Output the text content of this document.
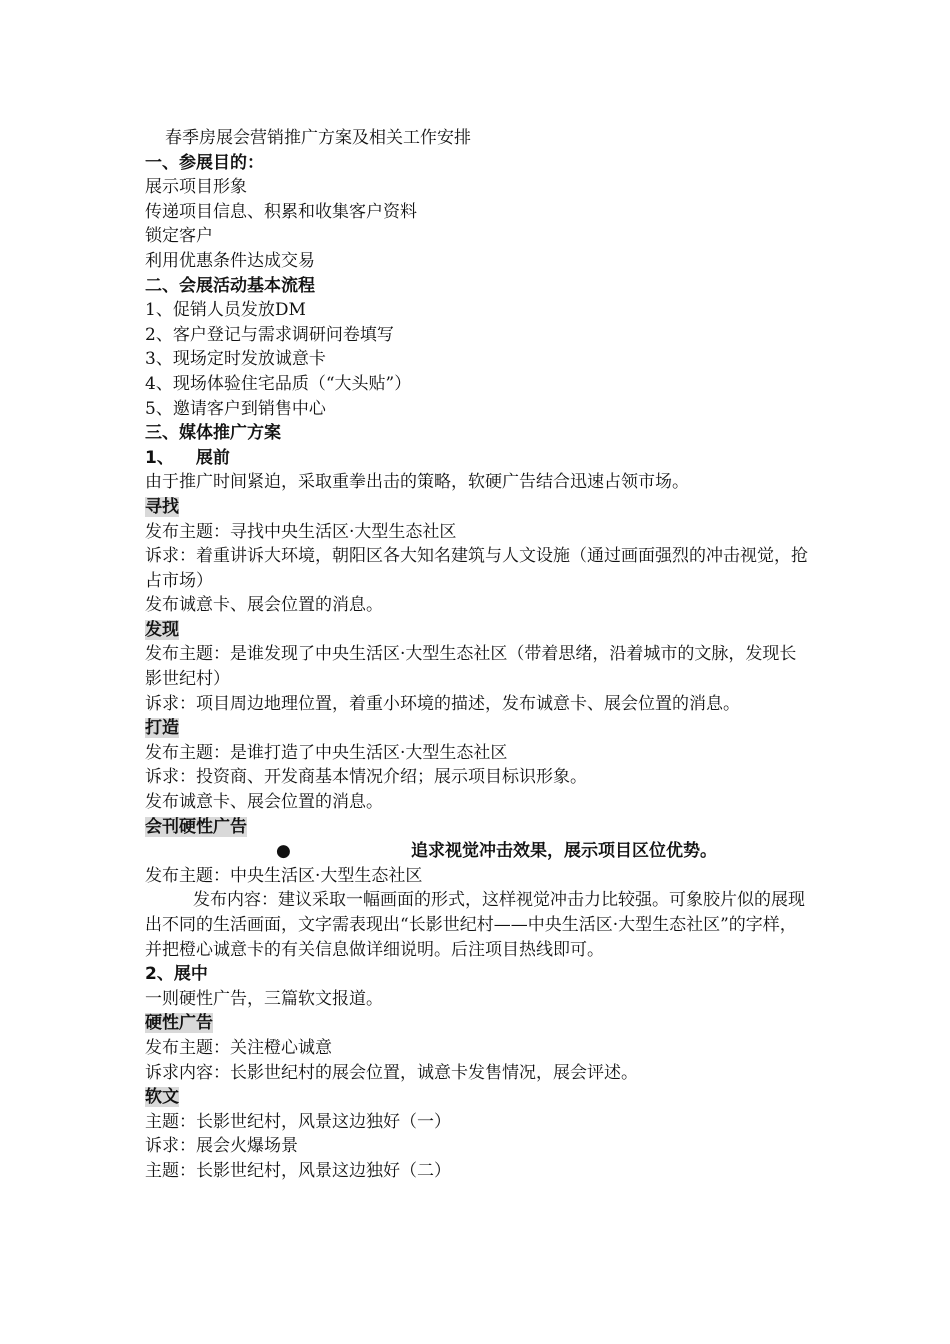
春季房展会营销推广方案及相关工作安排
一、参展目的：
展示项目形象
传递项目信息、积累和收集客户资料
锁定客户
利用优惠条件达成交易
二、会展活动基本流程
1、促销人员发放DM
2、客户登记与需求调研问卷填写
3、现场定时发放诚意卡
4、现场体验住宅品质（“大头贴”）
5、邀请客户到销售中心
三、媒体推广方案
1、 展前
由于推广时间紧迫，采取重拳出击的策略，软硬广告结合迅速占领市场。
寻找
发布主题：寻找中央生活区·大型生态社区
诉求：着重讲诉大环境，朝阳区各大知名建筑与人文设施（通过画面强烈的冲击视觉，抢占市场）
发布诚意卡、展会位置的消息。
发现
发布主题：是谁发现了中央生活区·大型生态社区（带着思绪，沿着城市的文脉，发现长影世纪村）
诉求：项目周边地理位置，着重小环境的描述，发布诚意卡、展会位置的消息。
打造
发布主题：是谁打造了中央生活区·大型生态社区
诉求：投资商、开发商基本情况介绍；展示项目标识形象。
发布诚意卡、展会位置的消息。
会刊硬性广告
●	追求视觉冲击效果，展示项目区位优势。
发布主题：中央生活区·大型生态社区
发布内容：建议采取一幅画面的形式，这样视觉冲击力比较强。可象胶片似的展现出不同的生活画面，文字需表现出“长影世纪村——中央生活区·大型生态社区”的字样，并把橙心诚意卡的有关信息做详细说明。后注项目热线即可。
2、展中
一则硬性广告，三篇软文报道。
硬性广告
发布主题：关注橙心诚意
诉求内容：长影世纪村的展会位置，诚意卡发售情况，展会评述。
软文
主题：长影世纪村，风景这边独好（一）
诉求：展会火爆场景
主题：长影世纪村，风景这边独好（二）
